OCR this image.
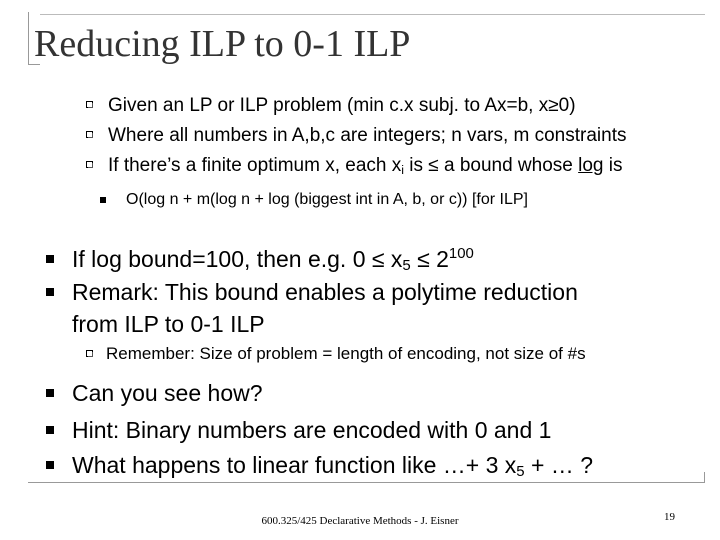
Reducing ILP to 0-1 ILP
Given an LP or ILP problem (min c.x subj. to Ax=b, x≥0)
Where all numbers in A,b,c are integers; n vars, m constraints
If there’s a finite optimum x, each $x_i$ is ≤ a bound whose log is
O(log n + m(log n + log (biggest int in A, b, or c)) [for ILP]
If log bound=100, then e.g. $0 \le x_5 \le 2^{100}$
Remark: This bound enables a polytime reduction
from ILP to 0-1 ILP
Remember: Size of problem = length of encoding, not size of #s
Can you see how?
Hint: Binary numbers are encoded with 0 and 1
What happens to linear function like …+ 3 $x_5$ + … ?
600.325/425 Declarative Methods - J. Eisner	19
